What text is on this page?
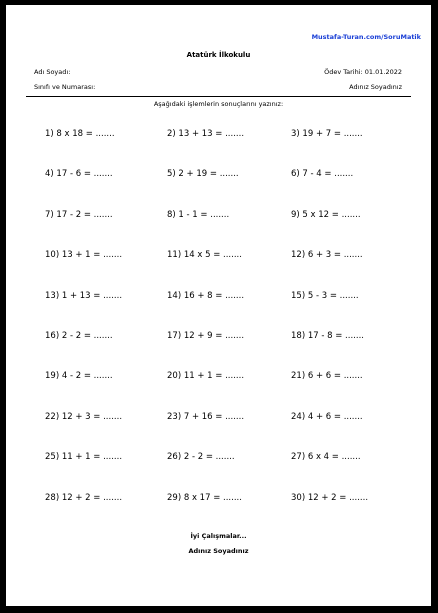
Mustafa-Turan.com/SoruMatik
Atatürk İlkokulu
Adı Soyadı:	Ödev Tarihi: 01.01.2022
Sınıfı ve Numarası:	Adınız Soyadınız
Aşağıdaki işlemlerin sonuçlarını yazınız:
1) 8 x 18 = .......	2) 13 + 13 = .......	3) 19 + 7 = .......
4) 17 - 6 = .......	5) 2 + 19 = .......	6) 7 - 4 = .......
7) 17 - 2 = .......	8) 1 - 1 = .......	9) 5 x 12 = .......
10) 13 + 1 = .......	11) 14 x 5 = .......	12) 6 + 3 = .......
13) 1 + 13 = .......	14) 16 + 8 = .......	15) 5 - 3 = .......
16) 2 - 2 = .......	17) 12 + 9 = .......	18) 17 - 8 = .......
19) 4 - 2 = .......	20) 11 + 1 = .......	21) 6 + 6 = .......
22) 12 + 3 = .......	23) 7 + 16 = .......	24) 4 + 6 = .......
25) 11 + 1 = .......	26) 2 - 2 = .......	27) 6 x 4 = .......
28) 12 + 2 = .......	29) 8 x 17 = .......	30) 12 + 2 = .......
İyi Çalışmalar...
Adınız Soyadınız
